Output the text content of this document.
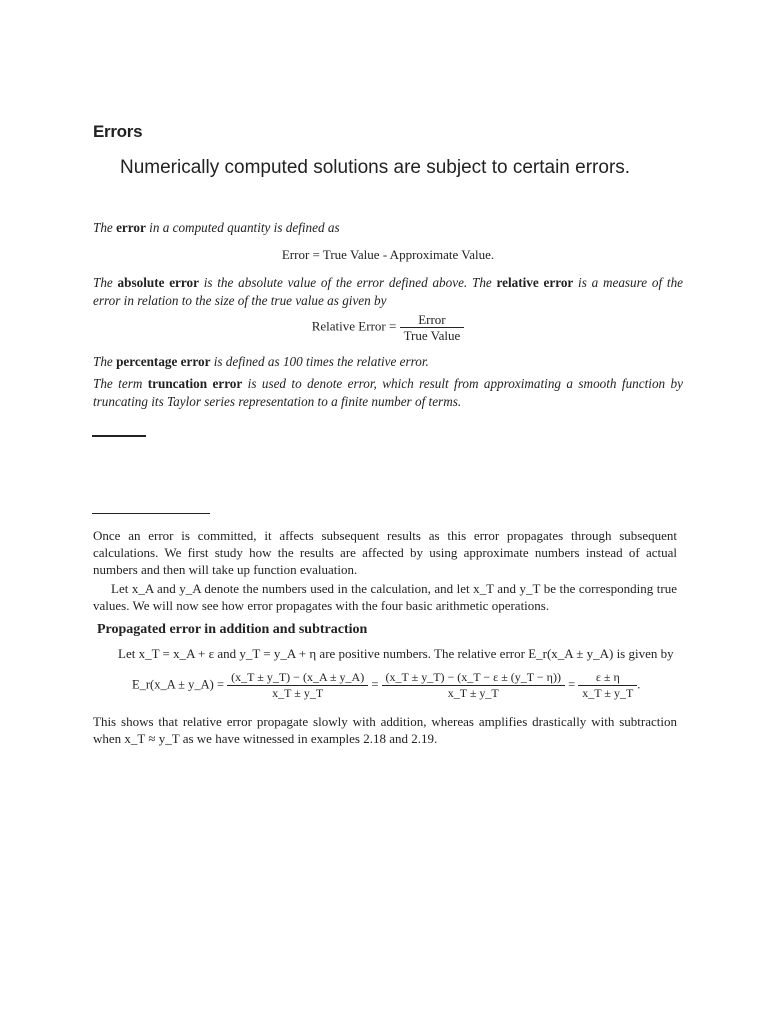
Errors

Numerically computed solutions are subject to certain errors.

The error in a computed quantity is defined as
Error = True Value - Approximate Value.
The absolute error is the absolute value of the error defined above. The relative error is a measure of the error in relation to the size of the true value as given by
Relative Error = $\frac{\text{Error}}{\text{True Value}}$
The percentage error is defined as 100 times the relative error.
The term truncation error is used to denote error, which result from approximating a smooth function by truncating its Taylor series representation to a finite number of terms.
Once an error is committed, it affects subsequent results as this error propagates through subsequent calculations. We first study how the results are affected by using approximate numbers instead of actual numbers and then will take up function evaluation.
Let x_A and y_A denote the numbers used in the calculation, and let x_T and y_T be the corresponding true values. We will now see how error propagates with the four basic arithmetic operations.
Propagated error in addition and subtraction
Let x_T = x_A + ε and y_T = y_A + η are positive numbers. The relative error E_r(x_A ± y_A) is given by
E_r(x_A ± y_A) = $\frac{(x\_T \pm y\_T) - (x\_A \pm y\_A)}{x\_T \pm y\_T} = \frac{(x\_T \pm y\_T) - (x\_T - \varepsilon \pm (y\_T - \eta))}{x\_T \pm y\_T} = \frac{\varepsilon \pm \eta}{x\_T \pm y\_T}$ .
This shows that relative error propagate slowly with addition, whereas amplifies drastically with subtraction when x_T ≈ y_T as we have witnessed in examples 2.18 and 2.19.
